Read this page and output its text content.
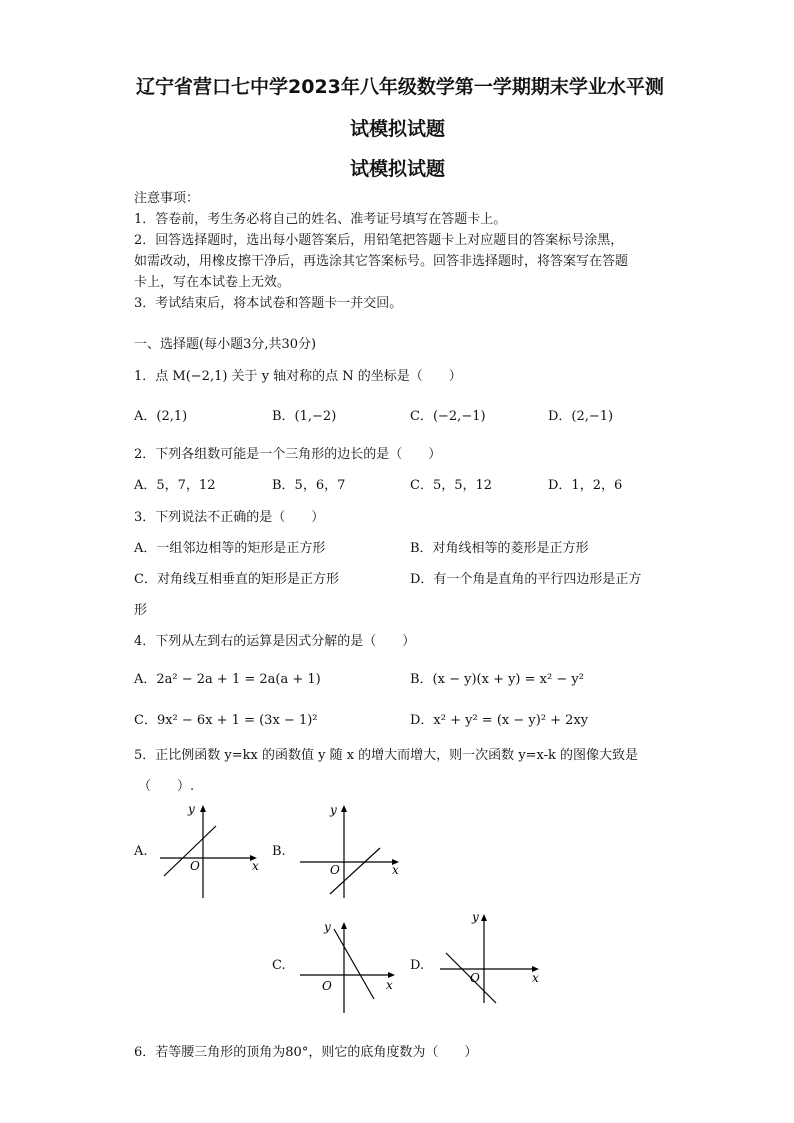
辽宁省营口七中学2023年八年级数学第一学期期末学业水平测
试模拟试题
试模拟试题
注意事项：
1．答卷前，考生务必将自己的姓名、准考证号填写在答题卡上。
2．回答选择题时，选出每小题答案后，用铅笔把答题卡上对应题目的答案标号涂黑，
如需改动，用橡皮擦干净后，再选涂其它答案标号。回答非选择题时，将答案写在答题
卡上，写在本试卷上无效。
3．考试结束后，将本试卷和答题卡一并交回。
一、选择题(每小题3分,共30分)
1．点 M(−2,1) 关于 y 轴对称的点 N 的坐标是（　　）
A．(2,1)	B．(1,−2)	C．(−2,−1)	D．(2,−1)
2．下列各组数可能是一个三角形的边长的是（　　）
A．5，7，12	B．5，6，7	C．5，5，12	D．1，2，6
3．下列说法不正确的是（　　）
A．一组邻边相等的矩形是正方形	B．对角线相等的菱形是正方形
C．对角线互相垂直的矩形是正方形	D．有一个角是直角的平行四边形是正方
形
4．下列从左到右的运算是因式分解的是（　　）
A．2a² − 2a + 1 = 2a(a + 1)	B．(x − y)(x + y) = x² − y²
C．9x² − 6x + 1 = (3x − 1)²	D．x² + y² = (x − y)² + 2xy
5．正比例函数 y=kx 的函数值 y 随 x 的增大而增大，则一次函数 y=x-k 的图像大致是
（　　）.
A.
O	x
y
B.
O	x
y
C.
O	x
y
D.
O	x
y
6．若等腰三角形的顶角为80°，则它的底角度数为（　　）
